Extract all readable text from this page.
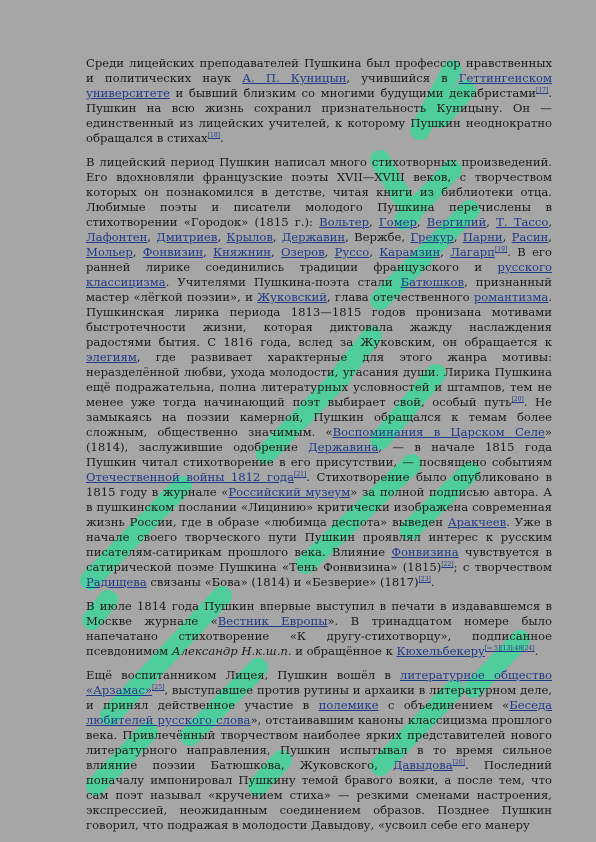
Среди лицейских преподавателей Пушкина был профессор нравственных и политических наук А. П. Куницын, учившийся в Геттингенском университете и бывший близким со многими будущими декабристами[17]. Пушкин на всю жизнь сохранил признательность Куницыну. Он — единственный из лицейских учителей, к которому Пушкин неоднократно обращался в стихах[18].

В лицейский период Пушкин написал много стихотворных произведений. Его вдохновляли французские поэты XVII—XVIII веков, с творчеством которых он познакомился в детстве, читая книги из библиотеки отца. Любимые поэты и писатели молодого Пушкина перечислены в стихотворении «Городок» (1815 г.): Вольтер, Гомер, Вергилий, Т. Тассо, Лафонтен, Дмитриев, Крылов, Державин, Вержбе, Грекур, Парни, Расин, Мольер, Фонвизин, Княжнин, Озеров, Руссо, Карамзин, Лагарп[19]. В его ранней лирике соединились традиции французского и русского классицизма. Учителями Пушкина-поэта стали Батюшков, признанный мастер «лёгкой поэзии», и Жуковский, глава отечественного романтизма. Пушкинская лирика периода 1813—1815 годов пронизана мотивами быстротечности жизни, которая диктовала жажду наслаждения радостями бытия. С 1816 года, вслед за Жуковским, он обращается к элегиям, где развивает характерные для этого жанра мотивы: неразделённой любви, ухода молодости, угасания души. Лирика Пушкина ещё подражательна, полна литературных условностей и штампов, тем не менее уже тогда начинающий поэт выбирает свой, особый путь[20]. Не замыкаясь на поэзии камерной, Пушкин обращался к темам более сложным, общественно значимым. «Воспоминания в Царском Селе» (1814), заслужившие одобрение Державина, — в начале 1815 года Пушкин читал стихотворение в его присутствии, — посвящено событиям Отечественной войны 1812 года[21]. Стихотворение было опубликовано в 1815 году в журнале «Российский музеум» за полной подписью автора. А в пушкинском послании «Лицинию» критически изображена современная жизнь России, где в образе «любимца деспота» выведен Аракчеев. Уже в начале своего творческого пути Пушкин проявлял интерес к русским писателям-сатирикам прошлого века. Влияние Фонвизина чувствуется в сатирической поэме Пушкина «Тень Фонвизина» (1815)[22]; с творчеством Радищева связаны «Бова» (1814) и «Безверие» (1817)[23].

В июле 1814 года Пушкин впервые выступил в печати в издававшемся в Москве журнале «Вестник Европы». В тринадцатом номере было напечатано стихотворение «К другу-стихотворцу», подписанное псевдонимом Александр Н.к.ш.п. и обращённое к Кюхельбекеру[⇨ 5][13]:48[24].

Ещё воспитанником Лицея, Пушкин вошёл в литературное общество «Арзамас»[25], выступавшее против рутины и архаики в литературном деле, и принял действенное участие в полемике с объединением «Беседа любителей русского слова», отстаивавшим каноны классицизма прошлого века. Привлечённый творчеством наиболее ярких представителей нового литературного направления, Пушкин испытывал в то время сильное влияние поэзии Батюшкова, Жуковского, Давыдова[26]. Последний поначалу импонировал Пушкину темой бравого вояки, а после тем, что сам поэт называл «кручением стиха» — резкими сменами настроения, экспрессией, неожиданным соединением образов. Позднее Пушкин говорил, что подражая в молодости Давыдову, «усвоил себе его манеру
